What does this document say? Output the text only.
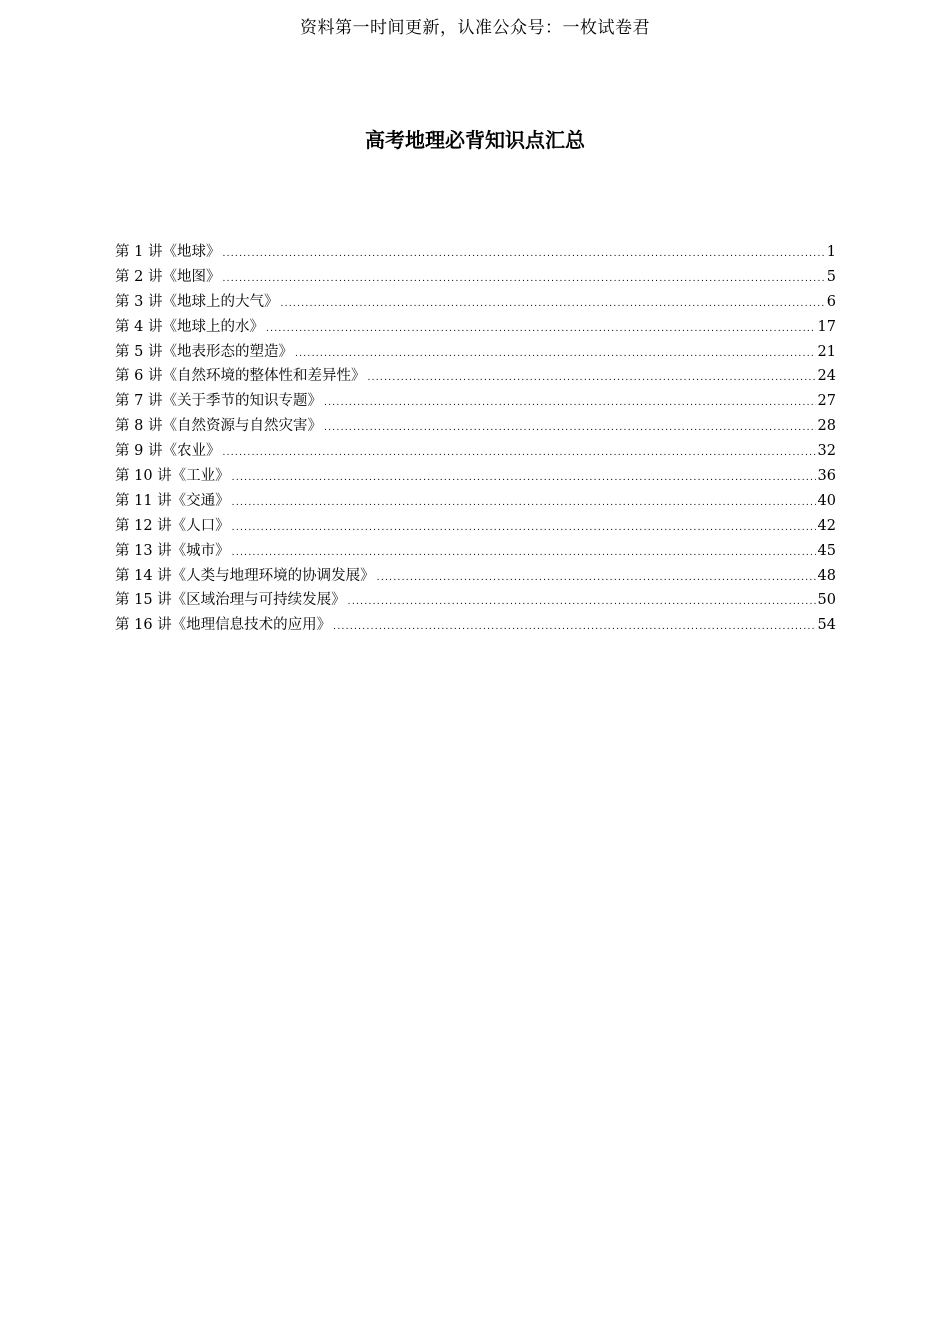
资料第一时间更新，认准公众号：一枚试卷君
高考地理必背知识点汇总
第 1 讲《地球》 .....	1
第 2 讲《地图》 .....	5
第 3 讲《地球上的大气》 .....	6
第 4 讲《地球上的水》 .....	17
第 5 讲《地表形态的塑造》 .....	21
第 6 讲《自然环境的整体性和差异性》 .....	24
第 7 讲《关于季节的知识专题》 .....	27
第 8 讲《自然资源与自然灾害》 .....	28
第 9 讲《农业》 .....	32
第 10 讲《工业》 .....	36
第 11 讲《交通》 .....	40
第 12 讲《人口》 .....	42
第 13 讲《城市》 .....	45
第 14 讲《人类与地理环境的协调发展》 .....	48
第 15 讲《区域治理与可持续发展》 .....	50
第 16 讲《地理信息技术的应用》 .....	54
